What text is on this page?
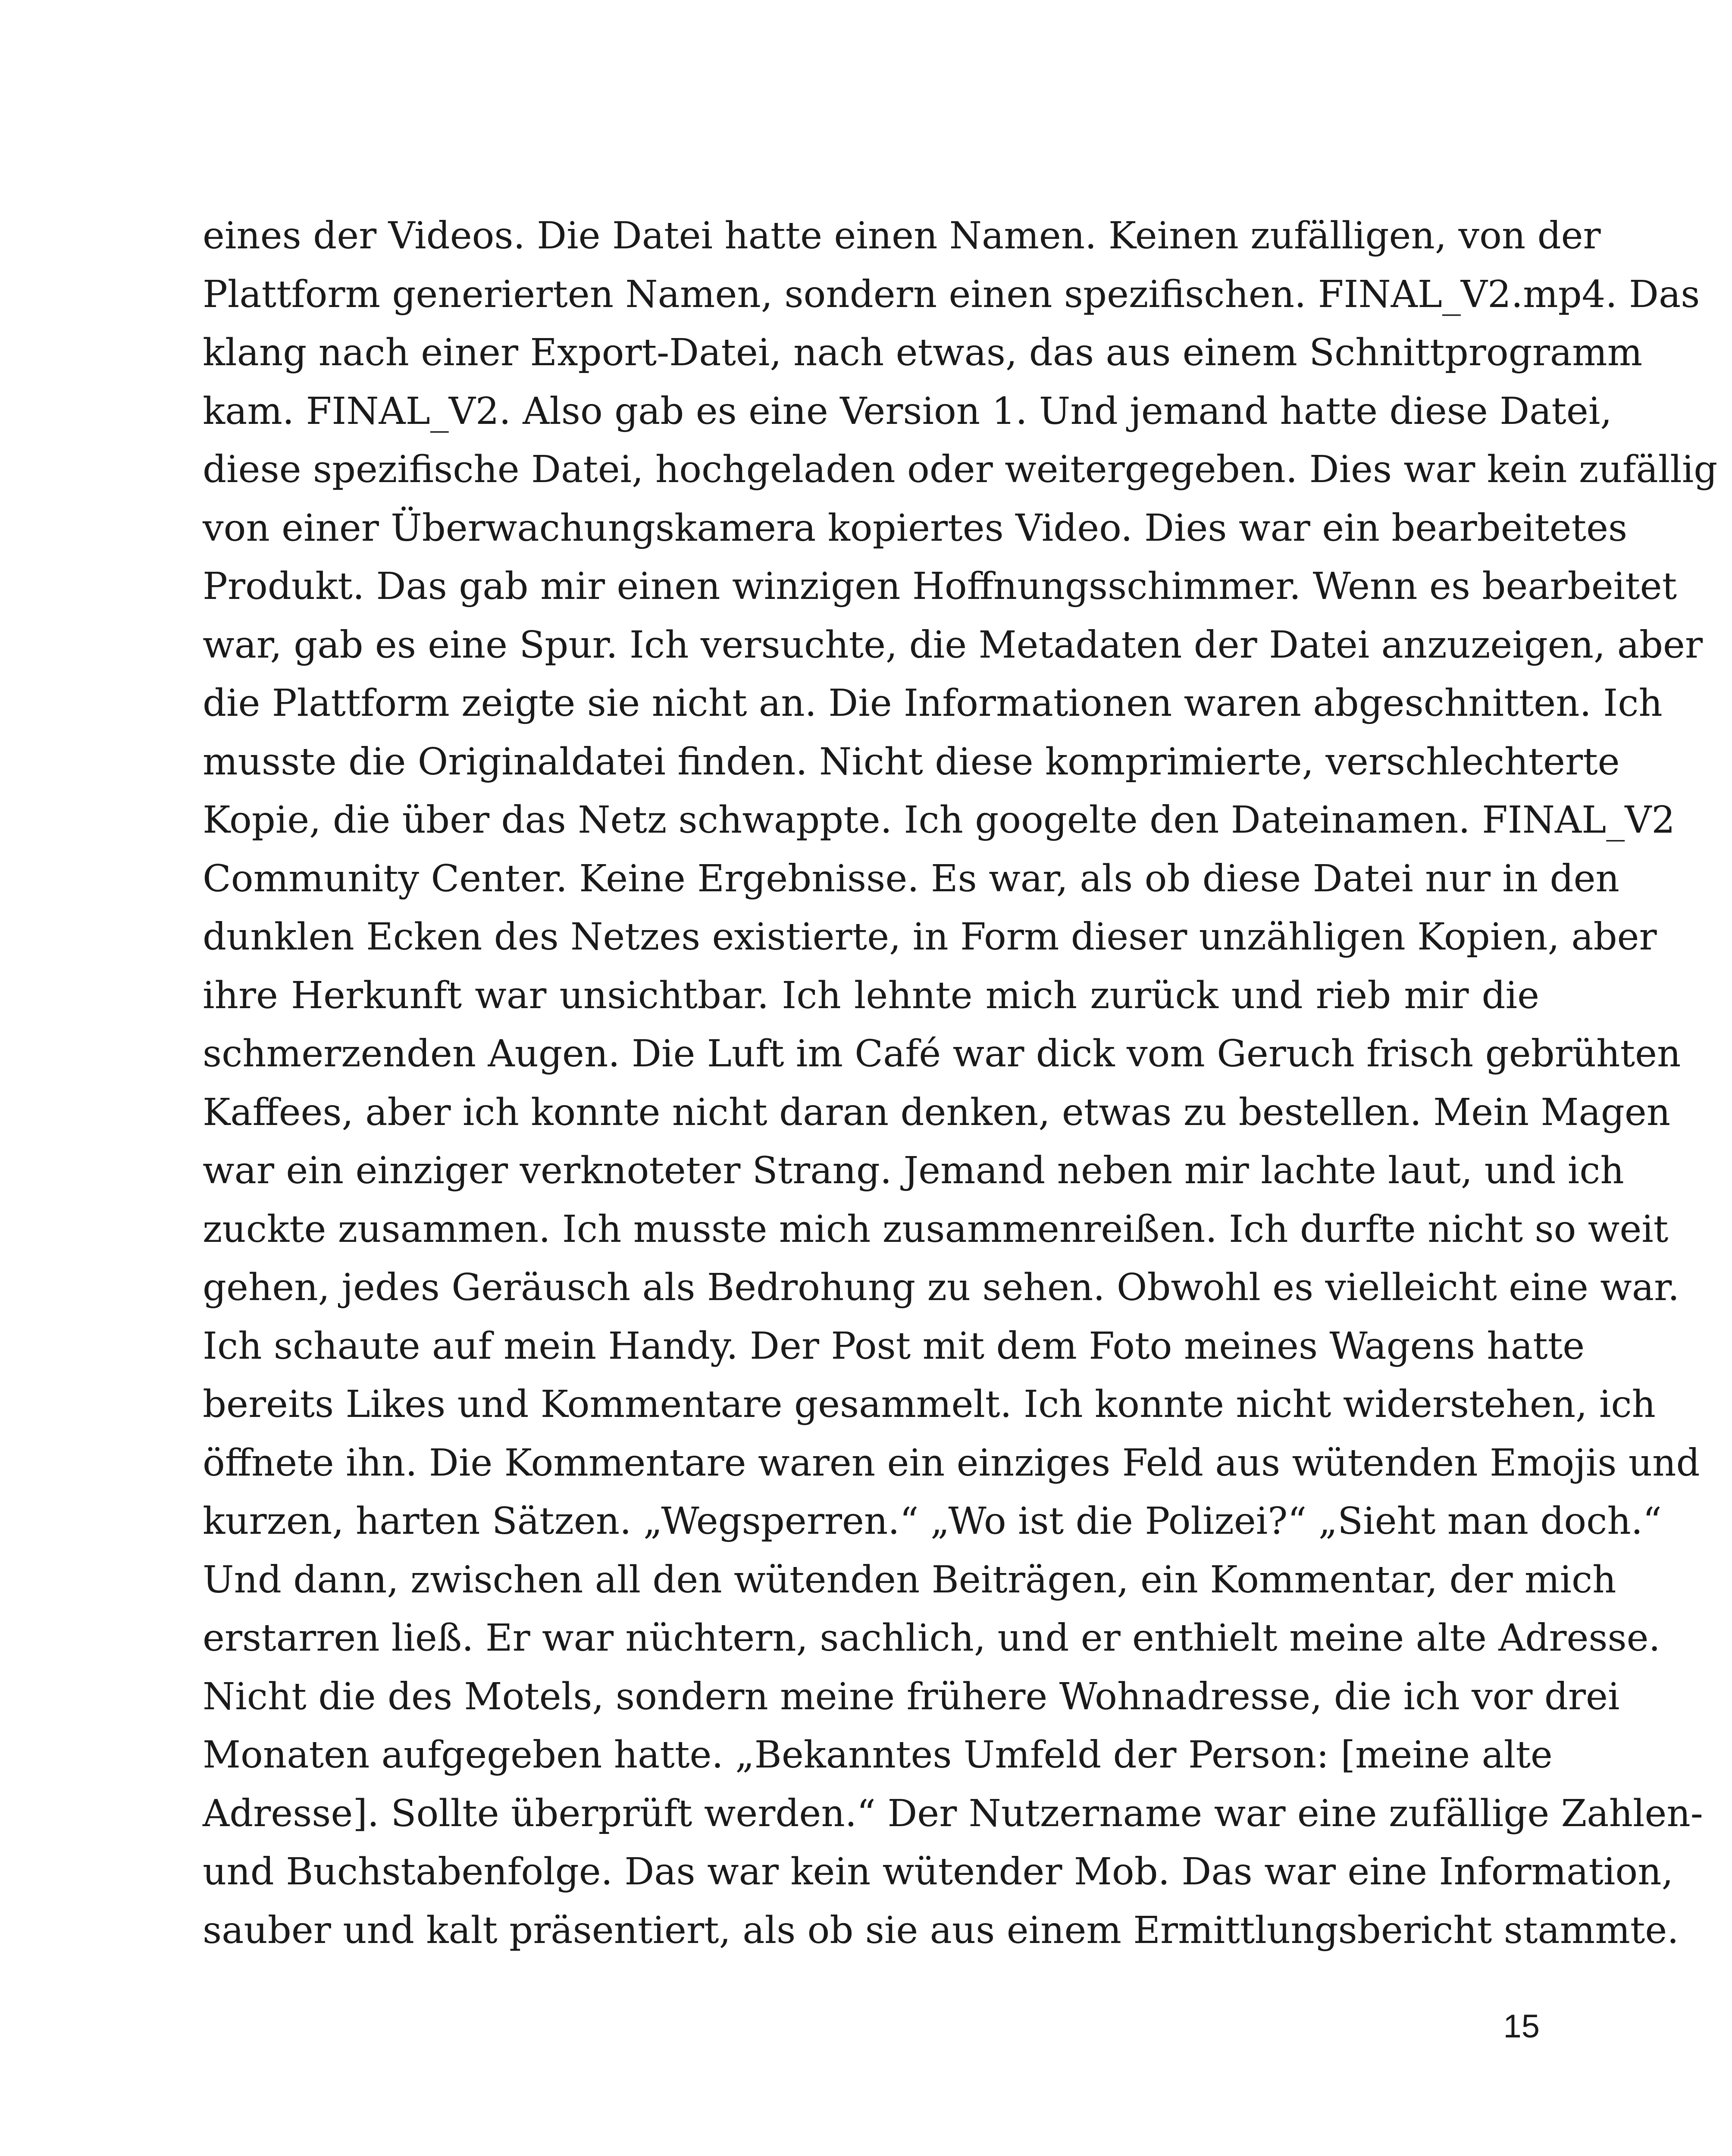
eines der Videos. Die Datei hatte einen Namen. Keinen zufälligen, von der
Plattform generierten Namen, sondern einen spezifischen. FINAL_V2.mp4. Das
klang nach einer Export-Datei, nach etwas, das aus einem Schnittprogramm
kam. FINAL_V2. Also gab es eine Version 1. Und jemand hatte diese Datei,
diese spezifische Datei, hochgeladen oder weitergegeben. Dies war kein zufällig
von einer Überwachungskamera kopiertes Video. Dies war ein bearbeitetes
Produkt. Das gab mir einen winzigen Hoffnungsschimmer. Wenn es bearbeitet
war, gab es eine Spur. Ich versuchte, die Metadaten der Datei anzuzeigen, aber
die Plattform zeigte sie nicht an. Die Informationen waren abgeschnitten. Ich
musste die Originaldatei finden. Nicht diese komprimierte, verschlechterte
Kopie, die über das Netz schwappte. Ich googelte den Dateinamen. FINAL_V2
Community Center. Keine Ergebnisse. Es war, als ob diese Datei nur in den
dunklen Ecken des Netzes existierte, in Form dieser unzähligen Kopien, aber
ihre Herkunft war unsichtbar. Ich lehnte mich zurück und rieb mir die
schmerzenden Augen. Die Luft im Café war dick vom Geruch frisch gebrühten
Kaffees, aber ich konnte nicht daran denken, etwas zu bestellen. Mein Magen
war ein einziger verknoteter Strang. Jemand neben mir lachte laut, und ich
zuckte zusammen. Ich musste mich zusammenreißen. Ich durfte nicht so weit
gehen, jedes Geräusch als Bedrohung zu sehen. Obwohl es vielleicht eine war.
Ich schaute auf mein Handy. Der Post mit dem Foto meines Wagens hatte
bereits Likes und Kommentare gesammelt. Ich konnte nicht widerstehen, ich
öffnete ihn. Die Kommentare waren ein einziges Feld aus wütenden Emojis und
kurzen, harten Sätzen. „Wegsperren.“ „Wo ist die Polizei?“ „Sieht man doch.“
Und dann, zwischen all den wütenden Beiträgen, ein Kommentar, der mich
erstarren ließ. Er war nüchtern, sachlich, und er enthielt meine alte Adresse.
Nicht die des Motels, sondern meine frühere Wohnadresse, die ich vor drei
Monaten aufgegeben hatte. „Bekanntes Umfeld der Person: [meine alte
Adresse]. Sollte überprüft werden.“ Der Nutzername war eine zufällige Zahlen-
und Buchstabenfolge. Das war kein wütender Mob. Das war eine Information,
sauber und kalt präsentiert, als ob sie aus einem Ermittlungsbericht stammte.
15
